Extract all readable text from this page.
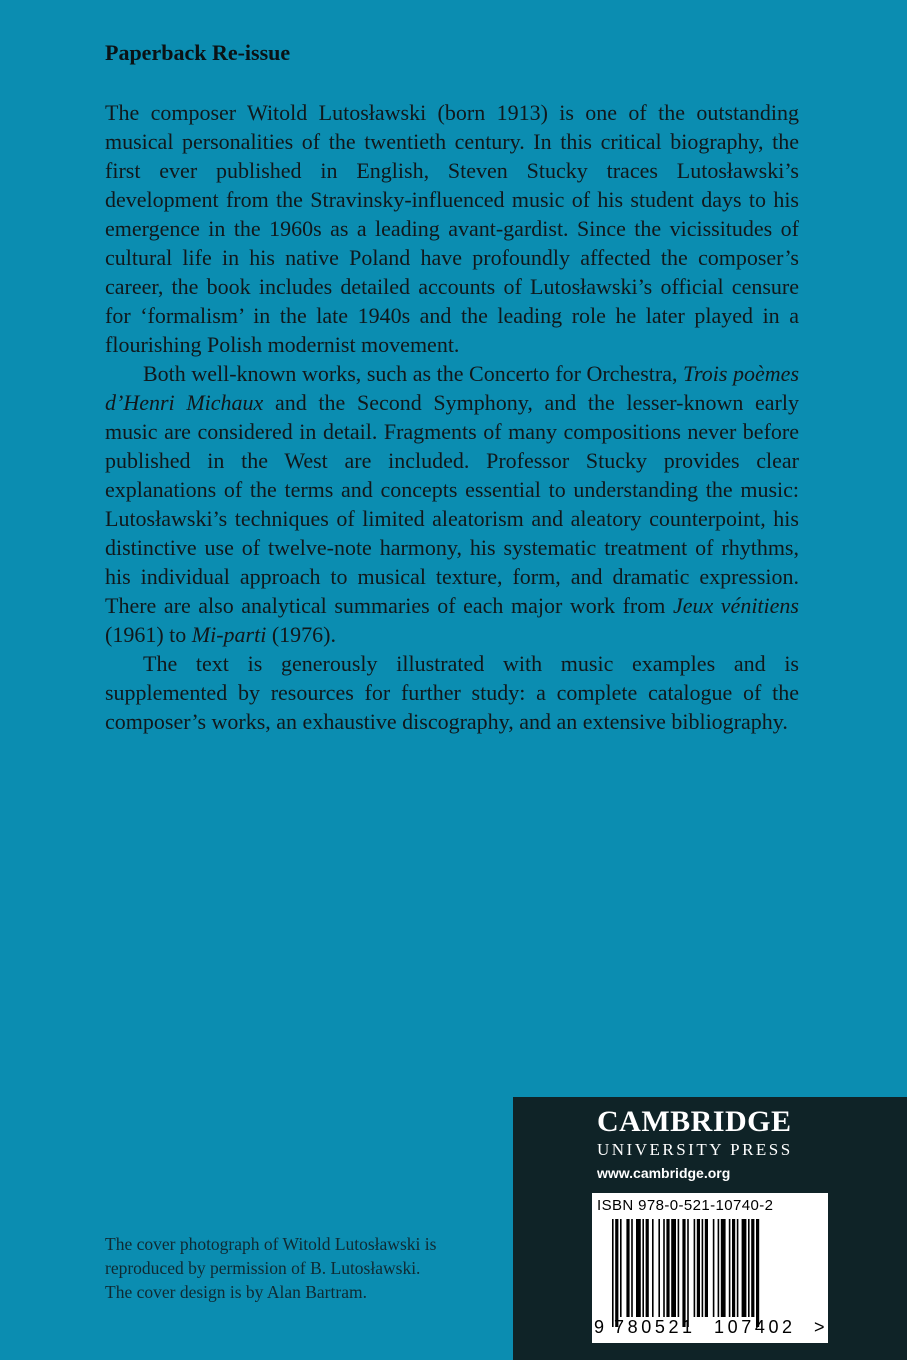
Paperback Re-issue

The composer Witold Lutosławski (born 1913) is one of the outstanding musical personalities of the twentieth century. In this critical biography, the first ever published in English, Steven Stucky traces Lutosławski’s development from the Stravinsky-influenced music of his student days to his emergence in the 1960s as a leading avant-gardist. Since the vicissitudes of cultural life in his native Poland have profoundly affected the composer’s career, the book includes detailed accounts of Lutosławski’s official censure for ‘formalism’ in the late 1940s and the leading role he later played in a flourishing Polish modernist movement.

Both well-known works, such as the Concerto for Orchestra, Trois poèmes d’Henri Michaux and the Second Symphony, and the lesser-known early music are considered in detail. Fragments of many compositions never before published in the West are included. Professor Stucky provides clear explanations of the terms and concepts essential to understanding the music: Lutosławski’s techniques of limited aleatorism and aleatory counterpoint, his distinctive use of twelve-note harmony, his systematic treatment of rhythms, his individual approach to musical texture, form, and dramatic expression. There are also analytical summaries of each major work from Jeux vénitiens (1961) to Mi-parti (1976).

The text is generously illustrated with music examples and is supplemented by resources for further study: a complete catalogue of the composer’s works, an exhaustive discography, and an extensive bibliography.

The cover photograph of Witold Lutosławski is
reproduced by permission of B. Lutosławski.
The cover design is by Alan Bartram.
CAMBRIDGE
UNIVERSITY PRESS
www.cambridge.org
ISBN 978-0-521-10740-2
9 780521 107402 >
